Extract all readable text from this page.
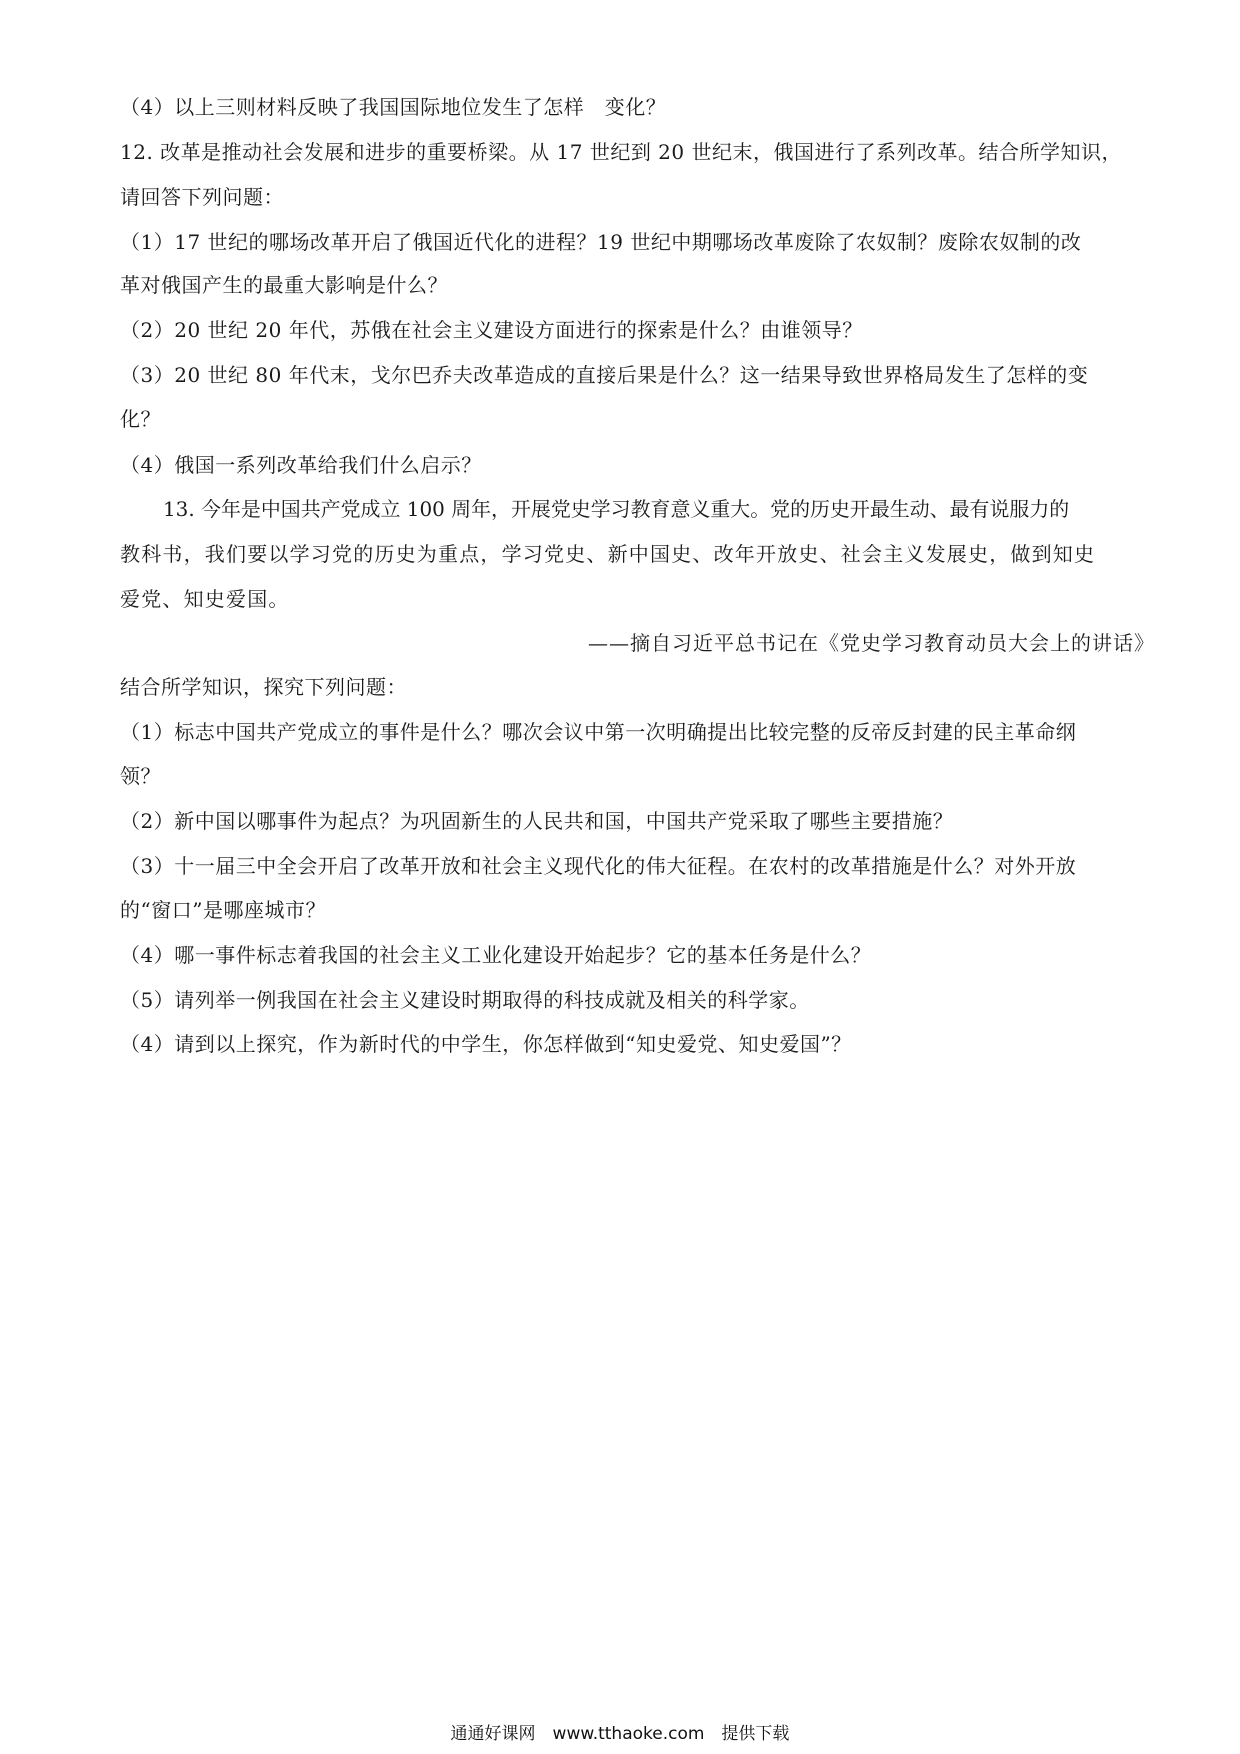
（4）以上三则材料反映了我国国际地位发生了怎样　变化？
12. 改革是推动社会发展和进步的重要桥梁。从 17 世纪到 20 世纪末，俄国进行了系列改革。结合所学知识，
请回答下列问题：
（1）17 世纪的哪场改革开启了俄国近代化的进程？19 世纪中期哪场改革废除了农奴制？废除农奴制的改
革对俄国产生的最重大影响是什么？
（2）20 世纪 20 年代，苏俄在社会主义建设方面进行的探索是什么？由谁领导？
（3）20 世纪 80 年代末，戈尔巴乔夫改革造成的直接后果是什么？这一结果导致世界格局发生了怎样的变
化？
（4）俄国一系列改革给我们什么启示？
13. 今年是中国共产党成立 100 周年，开展党史学习教育意义重大。党的历史开最生动、最有说服力的
教科书，我们要以学习党的历史为重点，学习党史、新中国史、改年开放史、社会主义发展史，做到知史
爱党、知史爱国。
——摘自习近平总书记在《党史学习教育动员大会上的讲话》
结合所学知识，探究下列问题：
（1）标志中国共产党成立的事件是什么？哪次会议中第一次明确提出比较完整的反帝反封建的民主革命纲
领？
（2）新中国以哪事件为起点？为巩固新生的人民共和国，中国共产党采取了哪些主要措施？
（3）十一届三中全会开启了改革开放和社会主义现代化的伟大征程。在农村的改革措施是什么？对外开放
的“窗口”是哪座城市？
（4）哪一事件标志着我国的社会主义工业化建设开始起步？它的基本任务是什么？
（5）请列举一例我国在社会主义建设时期取得的科技成就及相关的科学家。
（4）请到以上探究，作为新时代的中学生，你怎样做到“知史爱党、知史爱国”？
通通好课网　www.tthaoke.com　提供下载
